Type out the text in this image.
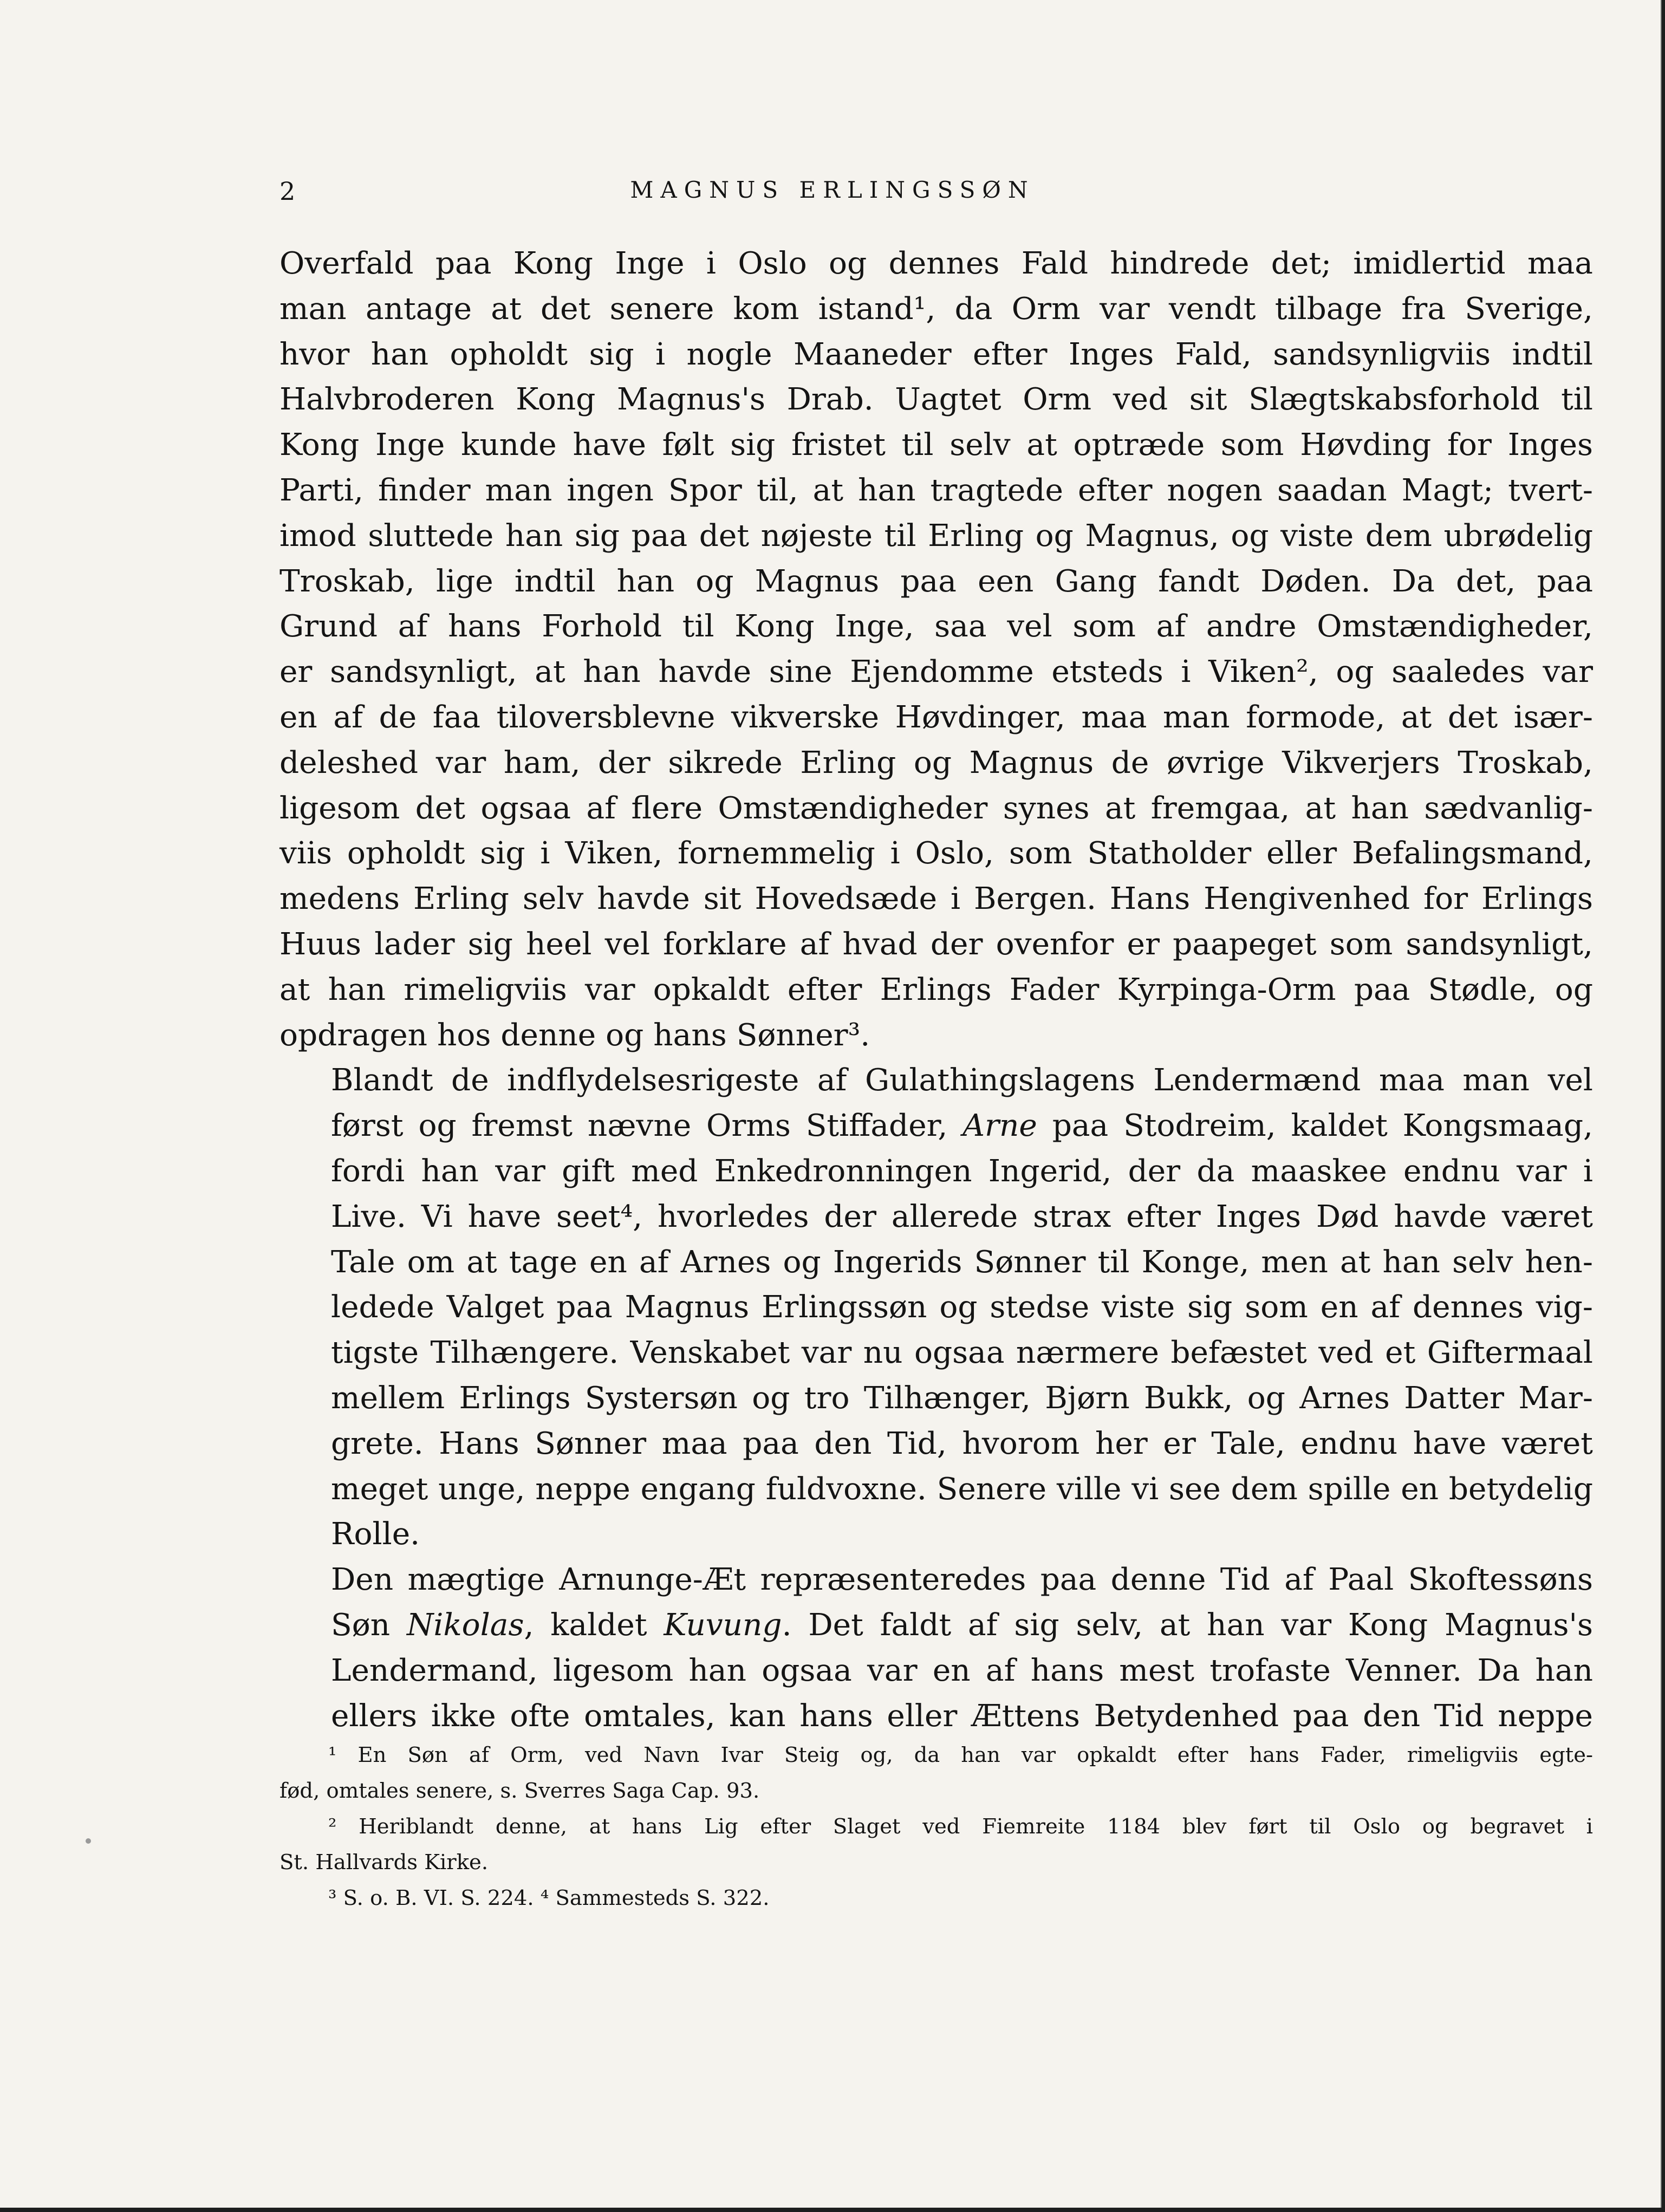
2	MAGNUS ERLINGSSØN

Overfald paa Kong Inge i Oslo og dennes Fald hindrede det; imidlertid maa
man antage at det senere kom istand¹, da Orm var vendt tilbage fra Sverige,
hvor han opholdt sig i nogle Maaneder efter Inges Fald, sandsynligviis indtil
Halvbroderen Kong Magnus's Drab. Uagtet Orm ved sit Slægtskabsforhold til
Kong Inge kunde have følt sig fristet til selv at optræde som Høvding for Inges
Parti, finder man ingen Spor til, at han tragtede efter nogen saadan Magt; tvert-
imod sluttede han sig paa det nøjeste til Erling og Magnus, og viste dem ubrødelig
Troskab, lige indtil han og Magnus paa een Gang fandt Døden. Da det, paa
Grund af hans Forhold til Kong Inge, saa vel som af andre Omstændigheder,
er sandsynligt, at han havde sine Ejendomme etsteds i Viken², og saaledes var
en af de faa tiloversblevne vikverske Høvdinger, maa man formode, at det især-
deleshed var ham, der sikrede Erling og Magnus de øvrige Vikverjers Troskab,
ligesom det ogsaa af flere Omstændigheder synes at fremgaa, at han sædvanlig-
viis opholdt sig i Viken, fornemmelig i Oslo, som Statholder eller Befalingsmand,
medens Erling selv havde sit Hovedsæde i Bergen. Hans Hengivenhed for Erlings
Huus lader sig heel vel forklare af hvad der ovenfor er paapeget som sandsynligt,
at han rimeligviis var opkaldt efter Erlings Fader Kyrpinga-Orm paa Stødle, og
opdragen hos denne og hans Sønner³.

Blandt de indflydelsesrigeste af Gulathingslagens Lendermænd maa man vel
først og fremst nævne Orms Stiffader, Arne paa Stodreim, kaldet Kongsmaag,
fordi han var gift med Enkedronningen Ingerid, der da maaskee endnu var i
Live. Vi have seet⁴, hvorledes der allerede strax efter Inges Død havde været
Tale om at tage en af Arnes og Ingerids Sønner til Konge, men at han selv hen-
ledede Valget paa Magnus Erlingssøn og stedse viste sig som en af dennes vig-
tigste Tilhængere. Venskabet var nu ogsaa nærmere befæstet ved et Giftermaal
mellem Erlings Systersøn og tro Tilhænger, Bjørn Bukk, og Arnes Datter Mar-
grete. Hans Sønner maa paa den Tid, hvorom her er Tale, endnu have været
meget unge, neppe engang fuldvoxne. Senere ville vi see dem spille en betydelig
Rolle.

Den mægtige Arnunge-Æt repræsenteredes paa denne Tid af Paal Skoftessøns
Søn Nikolas, kaldet Kuvung. Det faldt af sig selv, at han var Kong Magnus's
Lendermand, ligesom han ogsaa var en af hans mest trofaste Venner. Da han
ellers ikke ofte omtales, kan hans eller Ættens Betydenhed paa den Tid neppe

¹ En Søn af Orm, ved Navn Ivar Steig og, da han var opkaldt efter hans Fader, rimeligviis egte-
fød, omtales senere, s. Sverres Saga Cap. 93.

² Heriblandt denne, at hans Lig efter Slaget ved Fiemreite 1184 blev ført til Oslo og begravet i
St. Hallvards Kirke.

³ S. o. B. VI. S. 224. ⁴ Sammesteds S. 322.
